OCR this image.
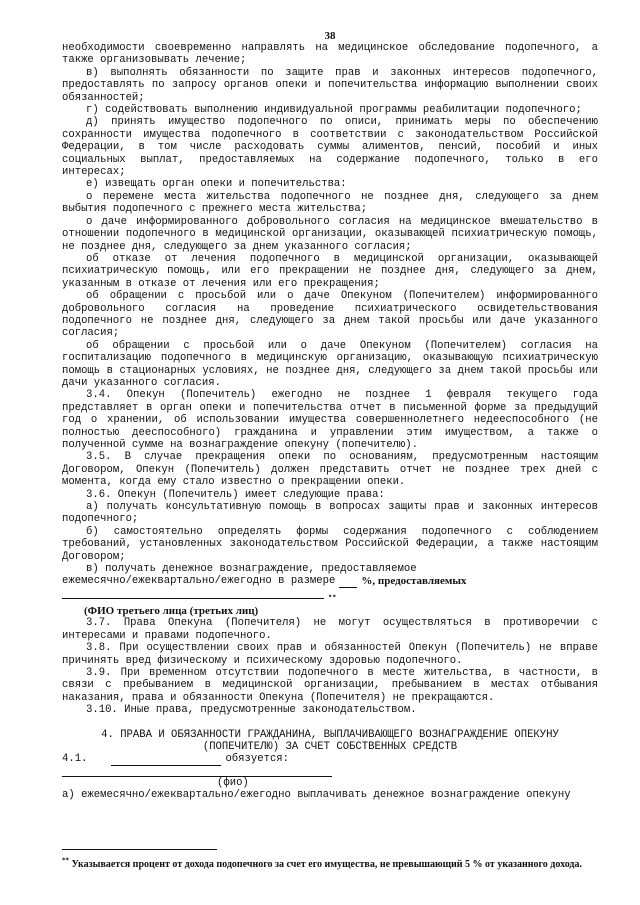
38
необходимости своевременно направлять на медицинское обследование подопечного, а также организовывать лечение;
в) выполнять обязанности по защите прав и законных интересов подопечного, предоставлять по запросу органов опеки и попечительства информацию выполнении своих обязанностей;
г) содействовать выполнению индивидуальной программы реабилитации подопечного;
д) принять имущество подопечного по описи, принимать меры по обеспечению сохранности имущества подопечного в соответствии с законодательством Российской Федерации, в том числе расходовать суммы алиментов, пенсий, пособий и иных социальных выплат, предоставляемых на содержание подопечного, только в его интересах;
е) извещать орган опеки и попечительства:
о перемене места жительства подопечного не позднее дня, следующего за днем выбытия подопечного с прежнего места жительства;
о даче информированного добровольного согласия на медицинское вмешательство в отношении подопечного в медицинской организации, оказывающей психиатрическую помощь, не позднее дня, следующего за днем указанного согласия;
об отказе от лечения подопечного в медицинской организации, оказывающей психиатрическую помощь, или его прекращении не позднее дня, следующего за днем, указанным в отказе от лечения или его прекращения;
об обращении с просьбой или о даче Опекуном (Попечителем) информированного добровольного согласия на проведение психиатрического освидетельствования подопечного не позднее дня, следующего за днем такой просьбы или даче указанного согласия;
об обращении с просьбой или о даче Опекуном (Попечителем) согласия на госпитализацию подопечного в медицинскую организацию, оказывающую психиатрическую помощь в стационарных условиях, не позднее дня, следующего за днем такой просьбы или дачи указанного согласия.
3.4. Опекун (Попечитель) ежегодно не позднее 1 февраля текущего года представляет в орган опеки и попечительства отчет в письменной форме за предыдущий год о хранении, об использовании имущества совершеннолетнего недееспособного (не полностью дееспособного) гражданина и управлении этим имуществом, а также о полученной сумме на вознаграждение опекуну (попечителю).
3.5. В случае прекращения опеки по основаниям, предусмотренным настоящим Договором, Опекун (Попечитель) должен представить отчет не позднее трех дней с момента, когда ему стало известно о прекращении опеки.
3.6. Опекун (Попечитель) имеет следующие права:
а) получать консультативную помощь в вопросах защиты прав и законных интересов подопечного;
б) самостоятельно определять формы содержания подопечного с соблюдением требований, установленных законодательством Российской Федерации, а также настоящим Договором;
в) получать денежное вознаграждение, предоставляемое
ежемесячно/ежеквартально/ежегодно в размере %, предоставляемых
**
(ФИО третьего лица (третьих лиц)
3.7. Права Опекуна (Попечителя) не могут осуществляться в противоречии с интересами и правами подопечного.
3.8. При осуществлении своих прав и обязанностей Опекун (Попечитель) не вправе причинять вред физическому и психическому здоровью подопечного.
3.9. При временном отсутствии подопечного в месте жительства, в частности, в связи с пребыванием в медицинской организации, пребыванием в местах отбывания наказания, права и обязанности Опекуна (Попечителя) не прекращаются.
3.10. Иные права, предусмотренные законодательством.
4. ПРАВА И ОБЯЗАННОСТИ ГРАЖДАНИНА, ВЫПЛАЧИВАЮЩЕГО ВОЗНАГРАЖДЕНИЕ ОПЕКУНУ
(ПОПЕЧИТЕЛЮ) ЗА СЧЕТ СОБСТВЕННЫХ СРЕДСТВ
4.1.	обязуется:
(фио)
а) ежемесячно/ежеквартально/ежегодно выплачивать денежное вознаграждение опекуну
** Указывается процент от дохода подопечного за счет его имущества, не превышающий 5 % от указанного дохода.
